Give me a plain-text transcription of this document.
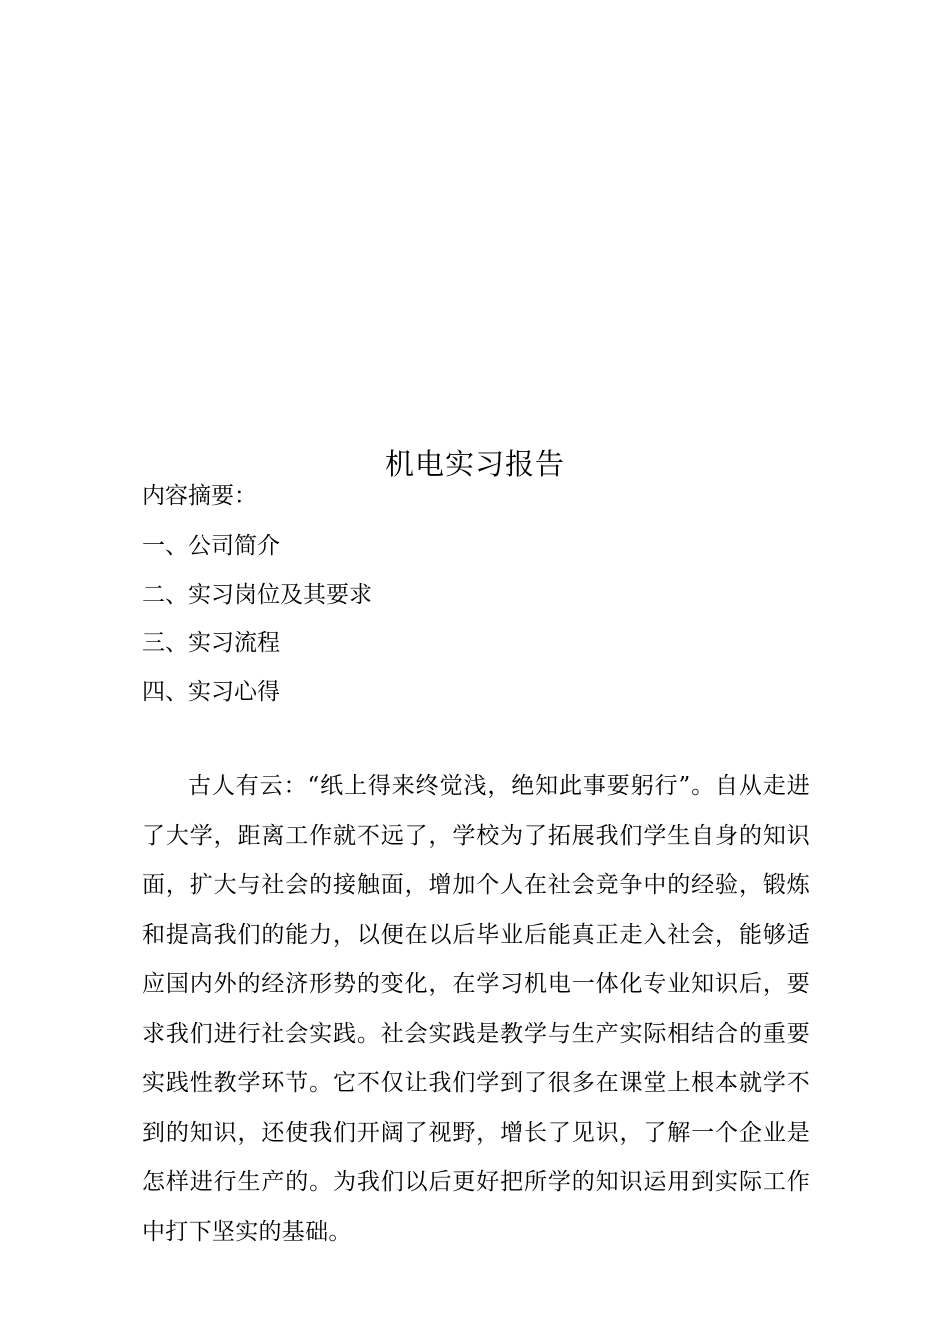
机电实习报告

内容摘要：

一、公司简介
二、实习岗位及其要求
三、实习流程
四、实习心得

古人有云：“纸上得来终觉浅，绝知此事要躬行”。自从走进了大学，距离工作就不远了，学校为了拓展我们学生自身的知识面，扩大与社会的接触面，增加个人在社会竞争中的经验，锻炼和提高我们的能力，以便在以后毕业后能真正走入社会，能够适应国内外的经济形势的变化，在学习机电一体化专业知识后，要求我们进行社会实践。社会实践是教学与生产实际相结合的重要实践性教学环节。它不仅让我们学到了很多在课堂上根本就学不到的知识，还使我们开阔了视野，增长了见识，了解一个企业是怎样进行生产的。为我们以后更好把所学的知识运用到实际工作中打下坚实的基础。
